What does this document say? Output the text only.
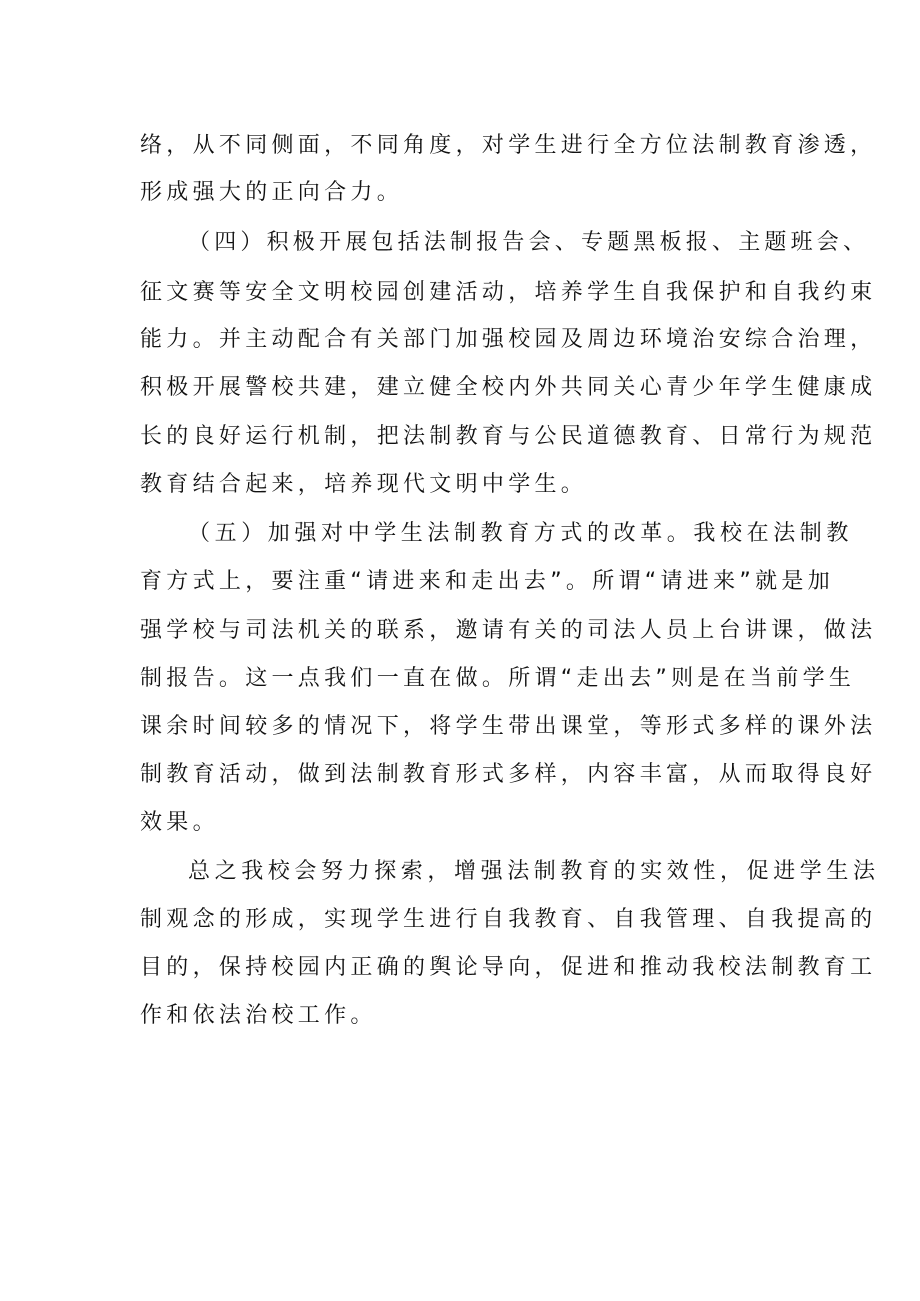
络，从不同侧面，不同角度，对学生进行全方位法制教育渗透，
形成强大的正向合力。
（四）积极开展包括法制报告会、专题黑板报、主题班会、
征文赛等安全文明校园创建活动，培养学生自我保护和自我约束
能力。并主动配合有关部门加强校园及周边环境治安综合治理，
积极开展警校共建，建立健全校内外共同关心青少年学生健康成
长的良好运行机制，把法制教育与公民道德教育、日常行为规范
教育结合起来，培养现代文明中学生。
（五）加强对中学生法制教育方式的改革。我校在法制教
育方式上，要注重“请进来和走出去”。所谓“请进来”就是加
强学校与司法机关的联系，邀请有关的司法人员上台讲课，做法
制报告。这一点我们一直在做。所谓“走出去”则是在当前学生
课余时间较多的情况下，将学生带出课堂，等形式多样的课外法
制教育活动，做到法制教育形式多样，内容丰富，从而取得良好
效果。
总之我校会努力探索，增强法制教育的实效性，促进学生法
制观念的形成，实现学生进行自我教育、自我管理、自我提高的
目的，保持校园内正确的舆论导向，促进和推动我校法制教育工
作和依法治校工作。
